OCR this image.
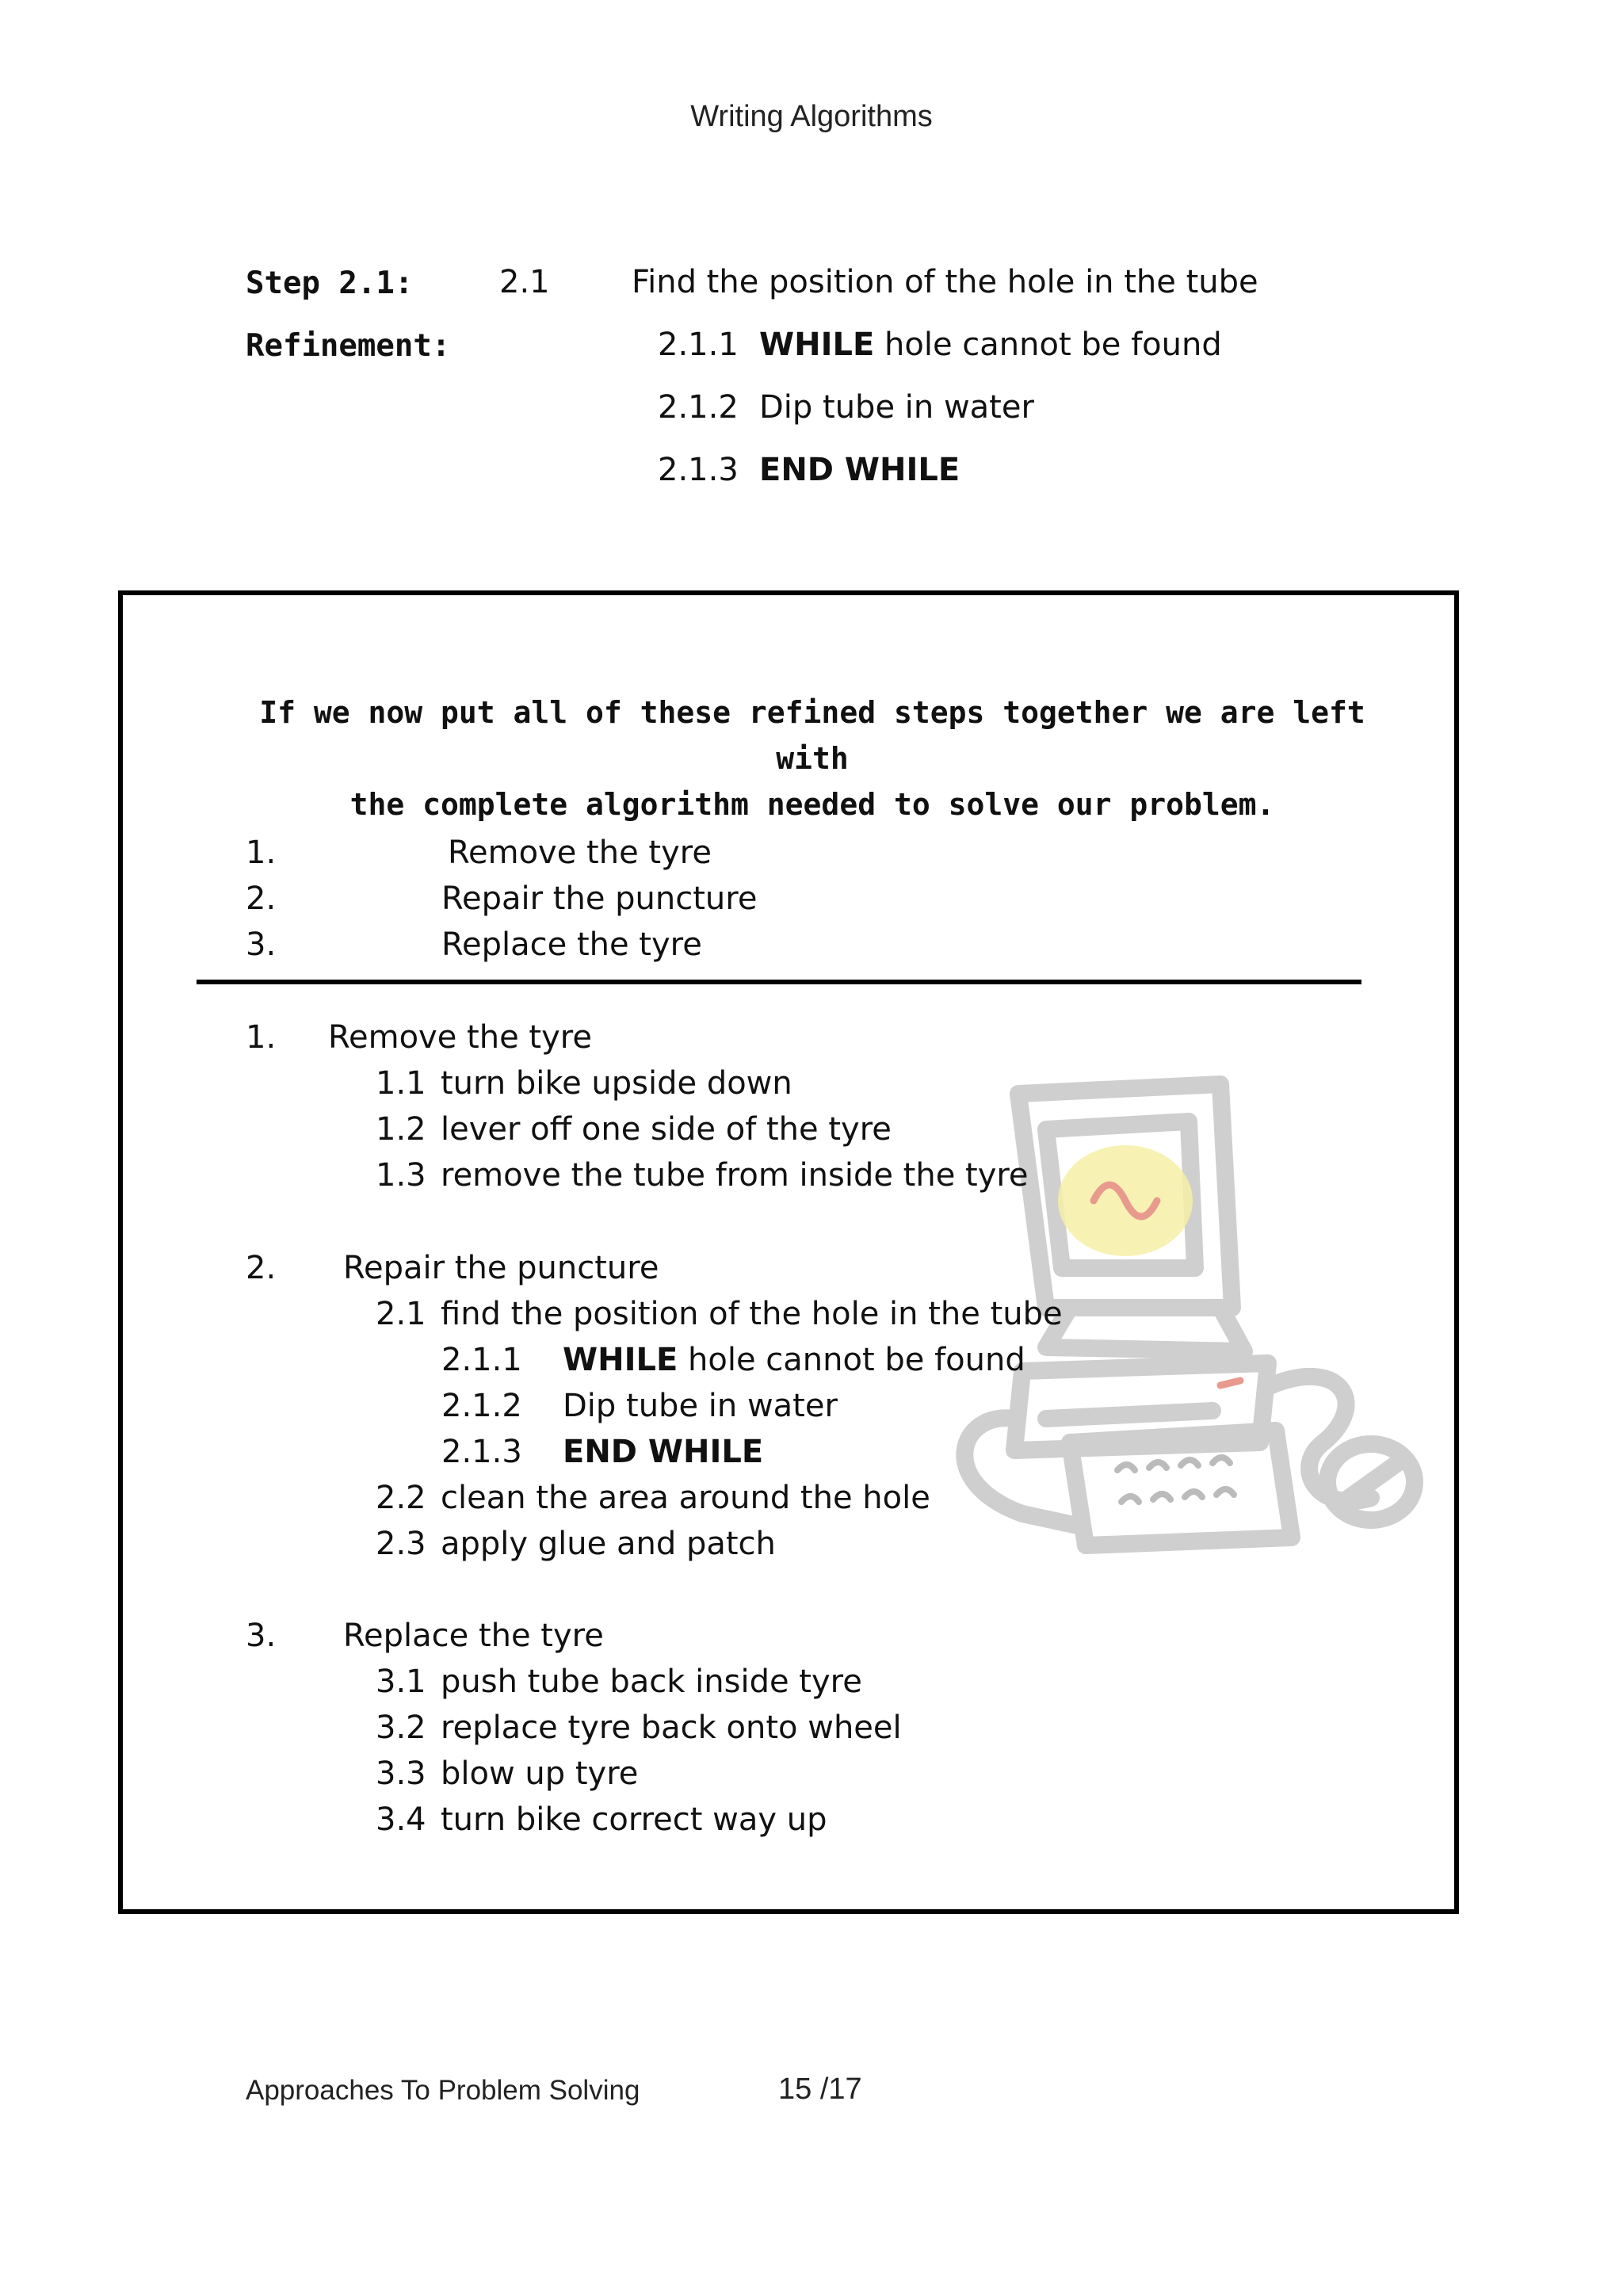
Writing Algorithms
Step 2.1:
Refinement:
2.1	Find the position of the hole in the tube
2.1.1 WHILE hole cannot be found
2.1.2 Dip tube in water
2.1.3 END WHILE
If we now put all of these refined steps together we are left with
the complete algorithm needed to solve our problem.
1.	Remove the tyre
2.	Repair the puncture
3.	Replace the tyre
1. Remove the tyre
1.1 turn bike upside down
1.2 lever off one side of the tyre
1.3 remove the tube from inside the tyre
2. Repair the puncture
2.1 find the position of the hole in the tube
2.1.1 WHILE hole cannot be found
2.1.2 Dip tube in water
2.1.3 END WHILE
2.2 clean the area around the hole
2.3 apply glue and patch
3. Replace the tyre
3.1 push tube back inside tyre
3.2 replace tyre back onto wheel
3.3 blow up tyre
3.4 turn bike correct way up
Approaches To Problem Solving	15 /17
